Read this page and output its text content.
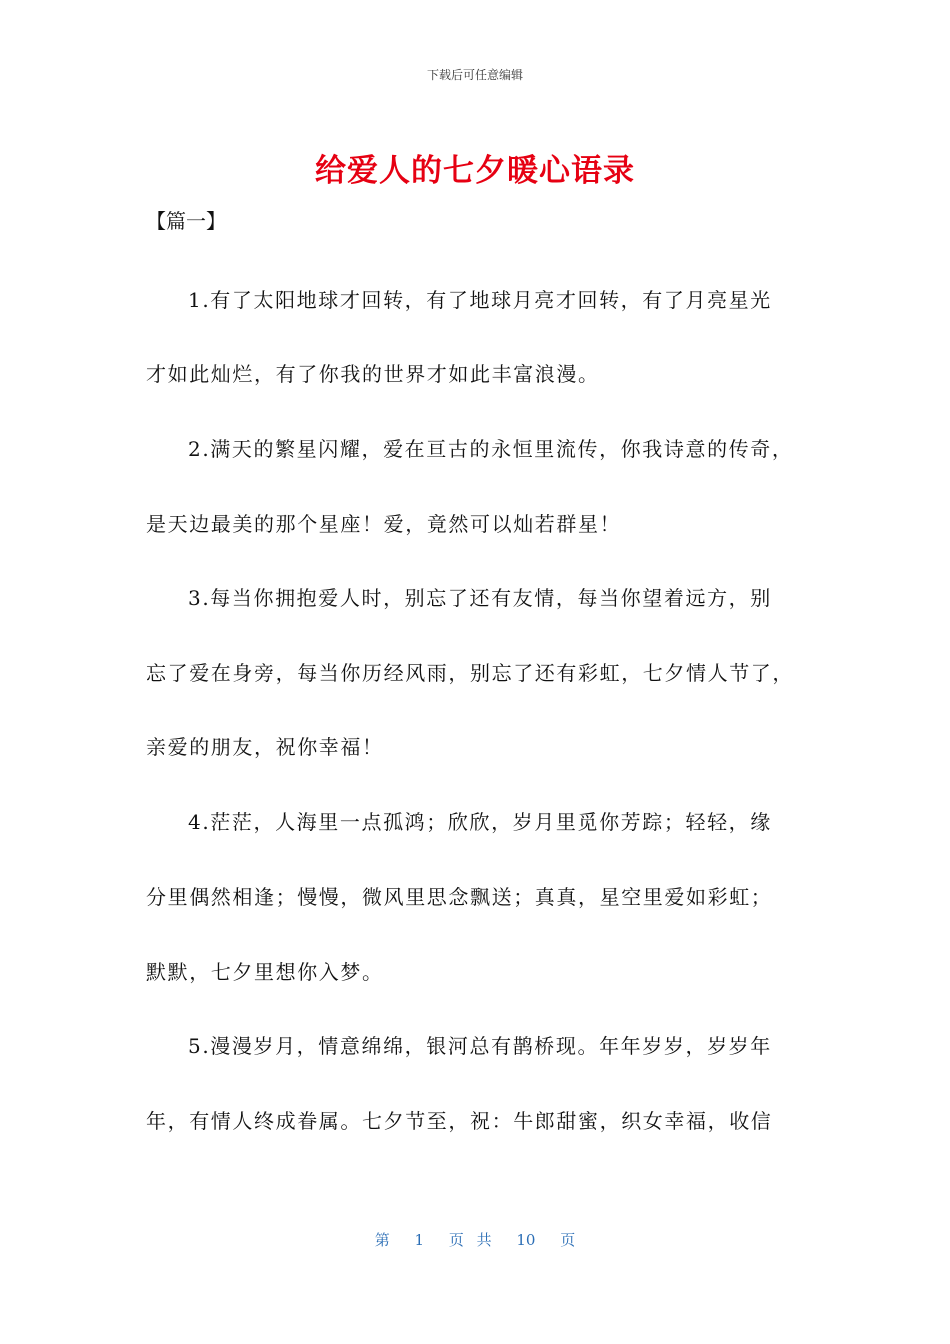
下载后可任意编辑
给爱人的七夕暖心语录
【篇一】
1.有了太阳地球才回转，有了地球月亮才回转，有了月亮星光
才如此灿烂，有了你我的世界才如此丰富浪漫。
2.满天的繁星闪耀，爱在亘古的永恒里流传，你我诗意的传奇，
是天边最美的那个星座！爱，竟然可以灿若群星！
3.每当你拥抱爱人时，别忘了还有友情，每当你望着远方，别
忘了爱在身旁，每当你历经风雨，别忘了还有彩虹，七夕情人节了，
亲爱的朋友，祝你幸福！
4.茫茫，人海里一点孤鸿；欣欣，岁月里觅你芳踪；轻轻，缘
分里偶然相逢；慢慢，微风里思念飘送；真真，星空里爱如彩虹；
默默，七夕里想你入梦。
5.漫漫岁月，情意绵绵，银河总有鹊桥现。年年岁岁，岁岁年
年，有情人终成眷属。七夕节至，祝：牛郎甜蜜，织女幸福，收信
第 1 页 共 10 页
